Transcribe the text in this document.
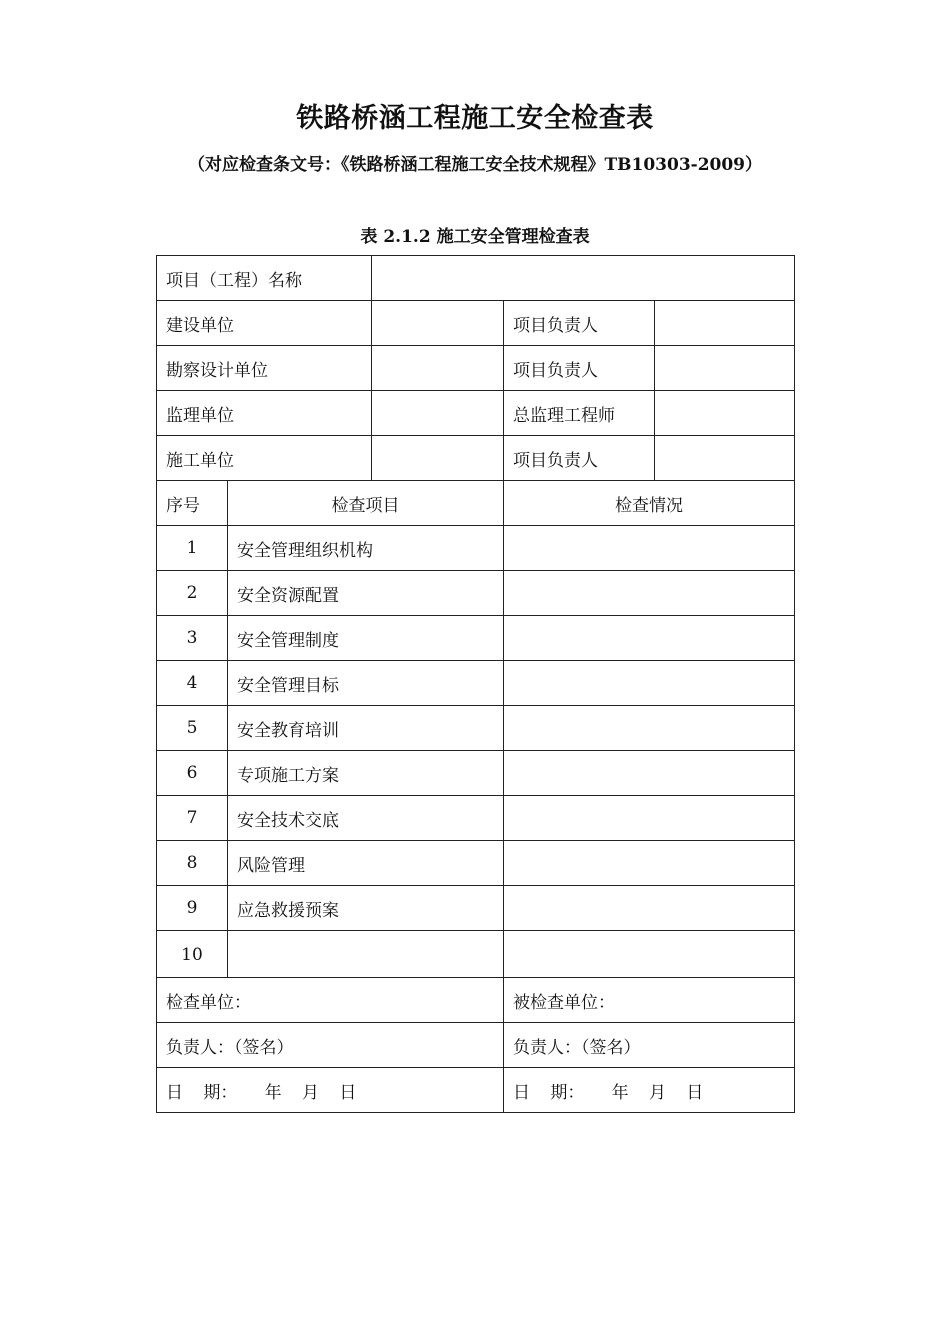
铁路桥涵工程施工安全检查表
（对应检查条文号：《铁路桥涵工程施工安全技术规程》TB10303-2009）
表 2.1.2 施工安全管理检查表
项目（工程）名称				
建设单位			项目负责人	
勘察设计单位			项目负责人	
监理单位			总监理工程师	
施工单位			项目负责人	
序号	检查项目		检查情况	
1	安全管理组织机构			
2	安全资源配置			
3	安全管理制度			
4	安全管理目标			
5	安全教育培训			
6	专项施工方案			
7	安全技术交底			
8	风险管理			
9	应急救援预案			
10				
检查单位：			被检查单位：	
负责人：（签名）			负责人：（签名）	
日 期： 年 月 日			日 期： 年 月 日	
